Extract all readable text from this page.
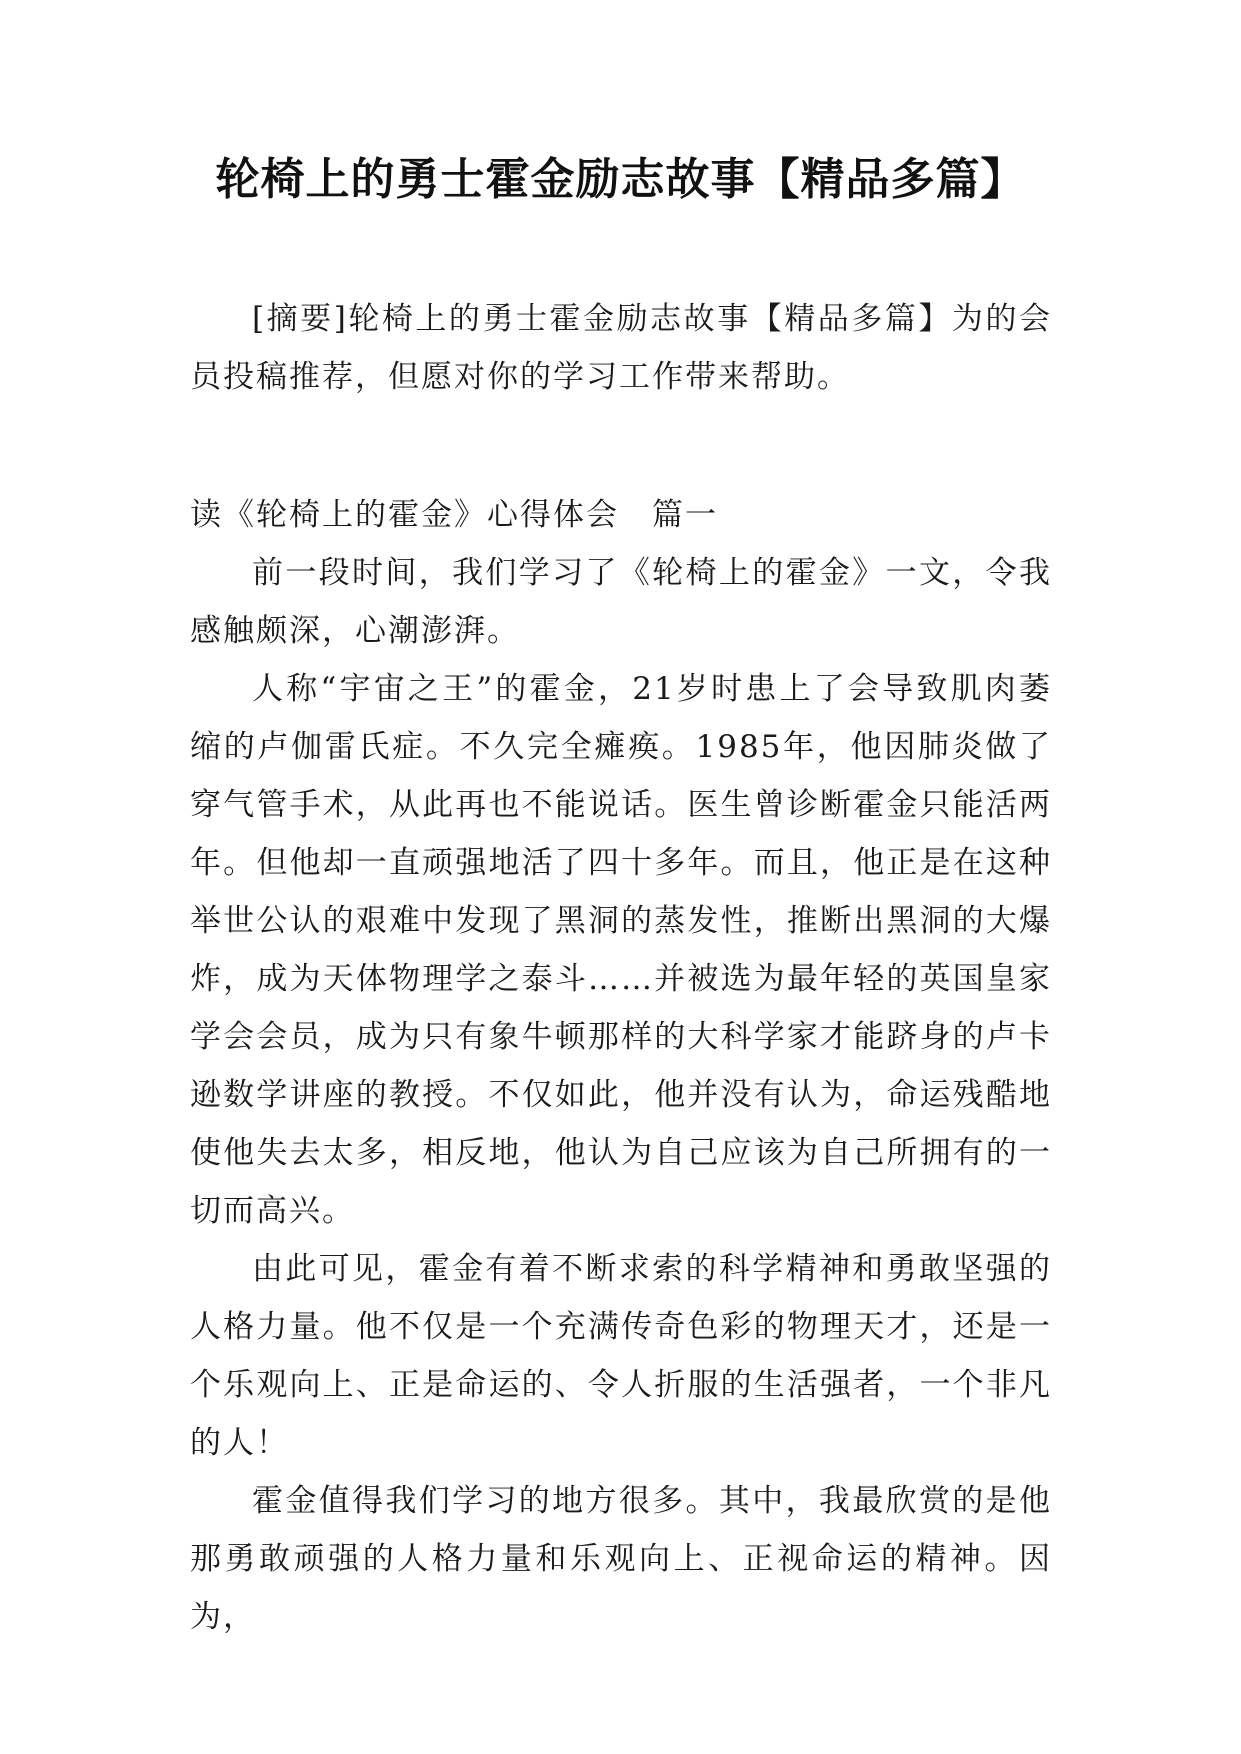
轮椅上的勇士霍金励志故事【精品多篇】

[摘要]轮椅上的勇士霍金励志故事【精品多篇】为的会员投稿推荐，但愿对你的学习工作带来帮助。

读《轮椅上的霍金》心得体会　篇一

前一段时间，我们学习了《轮椅上的霍金》一文，令我感触颇深，心潮澎湃。

人称“宇宙之王”的霍金，21岁时患上了会导致肌肉萎缩的卢伽雷氏症。不久完全瘫痪。1985年，他因肺炎做了穿气管手术，从此再也不能说话。医生曾诊断霍金只能活两年。但他却一直顽强地活了四十多年。而且，他正是在这种举世公认的艰难中发现了黑洞的蒸发性，推断出黑洞的大爆炸，成为天体物理学之泰斗……并被选为最年轻的英国皇家学会会员，成为只有象牛顿那样的大科学家才能跻身的卢卡逊数学讲座的教授。不仅如此，他并没有认为，命运残酷地使他失去太多，相反地，他认为自己应该为自己所拥有的一切而高兴。

由此可见，霍金有着不断求索的科学精神和勇敢坚强的人格力量。他不仅是一个充满传奇色彩的物理天才，还是一个乐观向上、正是命运的、令人折服的生活强者，一个非凡的人！

霍金值得我们学习的地方很多。其中，我最欣赏的是他那勇敢顽强的人格力量和乐观向上、正视命运的精神。因为，
